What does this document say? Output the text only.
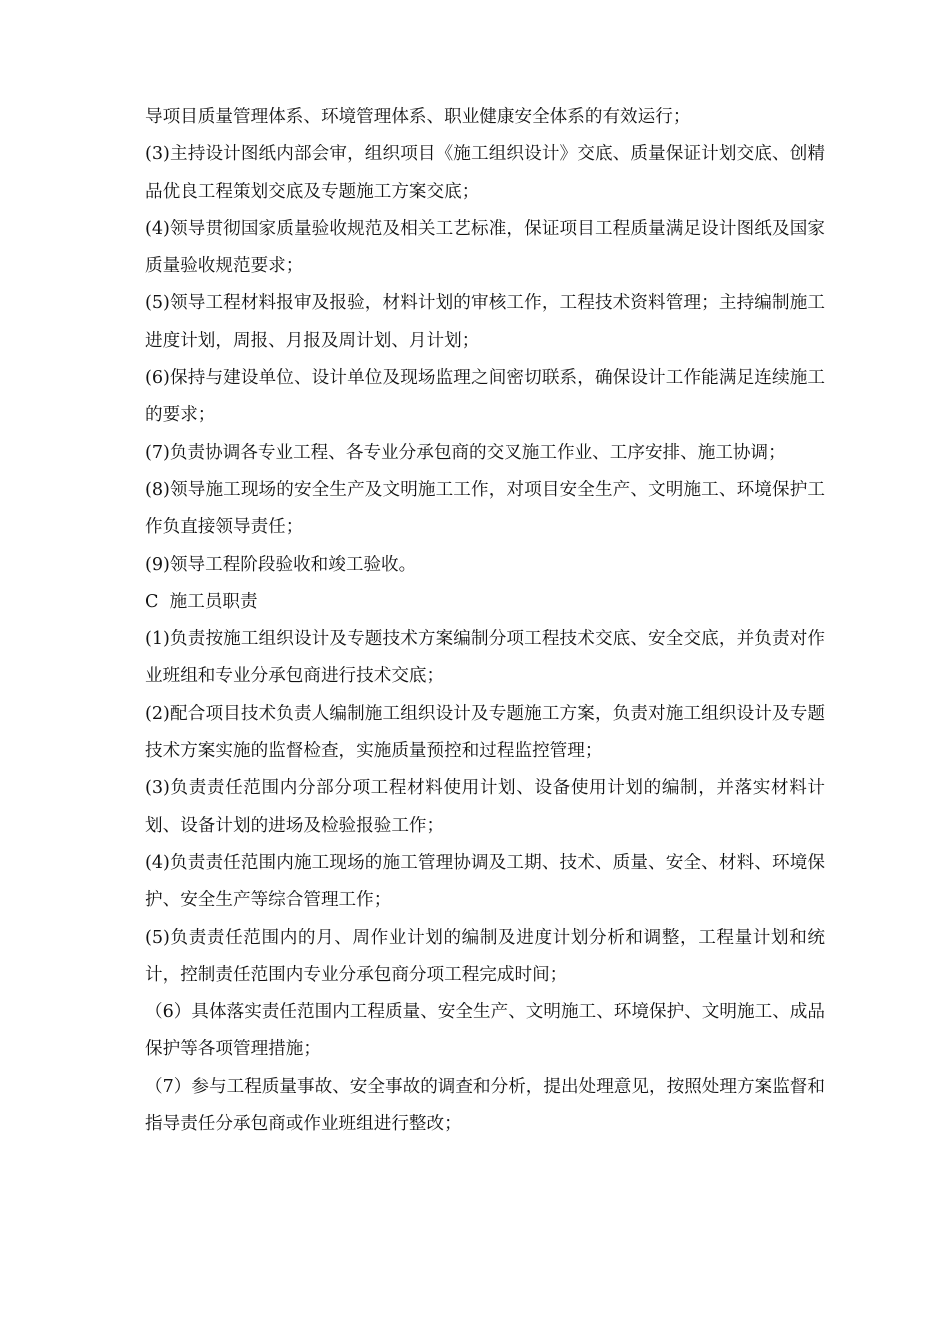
导项目质量管理体系、环境管理体系、职业健康安全体系的有效运行；

(3)主持设计图纸内部会审，组织项目《施工组织设计》交底、质量保证计划交底、创精品优良工程策划交底及专题施工方案交底；

(4)领导贯彻国家质量验收规范及相关工艺标准，保证项目工程质量满足设计图纸及国家质量验收规范要求；

(5)领导工程材料报审及报验，材料计划的审核工作，工程技术资料管理；主持编制施工进度计划，周报、月报及周计划、月计划；

(6)保持与建设单位、设计单位及现场监理之间密切联系，确保设计工作能满足连续施工的要求；

(7)负责协调各专业工程、各专业分承包商的交叉施工作业、工序安排、施工协调；

(8)领导施工现场的安全生产及文明施工工作，对项目安全生产、文明施工、环境保护工作负直接领导责任；

(9)领导工程阶段验收和竣工验收。

C  施工员职责

(1)负责按施工组织设计及专题技术方案编制分项工程技术交底、安全交底，并负责对作业班组和专业分承包商进行技术交底；

(2)配合项目技术负责人编制施工组织设计及专题施工方案，负责对施工组织设计及专题技术方案实施的监督检查，实施质量预控和过程监控管理；

(3)负责责任范围内分部分项工程材料使用计划、设备使用计划的编制，并落实材料计划、设备计划的进场及检验报验工作；

(4)负责责任范围内施工现场的施工管理协调及工期、技术、质量、安全、材料、环境保护、安全生产等综合管理工作；

(5)负责责任范围内的月、周作业计划的编制及进度计划分析和调整，工程量计划和统计，控制责任范围内专业分承包商分项工程完成时间；

（6）具体落实责任范围内工程质量、安全生产、文明施工、环境保护、文明施工、成品保护等各项管理措施；

（7）参与工程质量事故、安全事故的调查和分析，提出处理意见，按照处理方案监督和指导责任分承包商或作业班组进行整改；
